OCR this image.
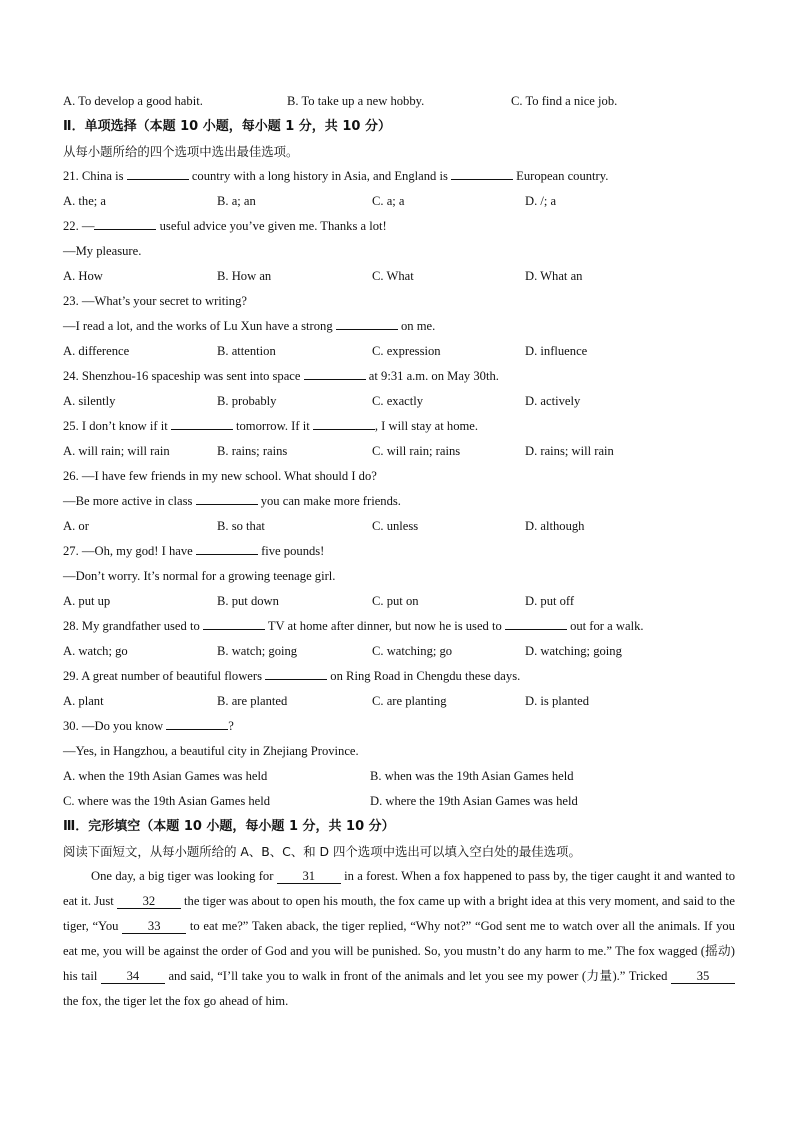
A. To develop a good habit.	B. To take up a new hobby.	C. To find a nice job.
Ⅱ．单项选择（本题 10 小题，每小题 1 分，共 10 分）
从每小题所给的四个选项中选出最佳选项。
21. China is	country with a long history in Asia, and England is	European country.
A. the; a	B. a; an	C. a; a	D. /; a
22. —	useful advice you’ve given me. Thanks a lot!
—My pleasure.
A. How	B. How an	C. What	D. What an
23. —What’s your secret to writing?
—I read a lot, and the works of Lu Xun have a strong	on me.
A. difference	B. attention	C. expression	D. influence
24. Shenzhou-16 spaceship was sent into space	at 9:31 a.m. on May 30th.
A. silently	B. probably	C. exactly	D. actively
25. I don’t know if it	tomorrow. If it	, I will stay at home.
A. will rain; will rain	B. rains; rains	C. will rain; rains	D. rains; will rain
26. —I have few friends in my new school. What should I do?
—Be more active in class	you can make more friends.
A. or	B. so that	C. unless	D. although
27. —Oh, my god! I have	five pounds!
—Don’t worry. It’s normal for a growing teenage girl.
A. put up	B. put down	C. put on	D. put off
28. My grandfather used to	TV at home after dinner, but now he is used to	out for a walk.
A. watch; go	B. watch; going	C. watching; go	D. watching; going
29. A great number of beautiful flowers	on Ring Road in Chengdu these days.
A. plant	B. are planted	C. are planting	D. is planted
30. —Do you know	?
—Yes, in Hangzhou, a beautiful city in Zhejiang Province.
A. when the 19th Asian Games was held	B. when was the 19th Asian Games held
C. where was the 19th Asian Games held	D. where the 19th Asian Games was held
Ⅲ．完形填空（本题 10 小题，每小题 1 分，共 10 分）
阅读下面短文，从每小题所给的 A、B、C、和 D 四个选项中选出可以填入空白处的最佳选项。

One day, a big tiger was looking for 31 in a forest. When a fox happened to pass by, the tiger caught it and wanted to eat it. Just 32 the tiger was about to open his mouth, the fox came up with a bright idea at this very moment, and said to the tiger, “You 33 to eat me?” Taken aback, the tiger replied, “Why not?” “God sent me to watch over all the animals. If you eat me, you will be against the order of God and you will be punished. So, you mustn’t do any harm to me.” The fox wagged (摇动) his tail 34 and said, “I’ll take you to walk in front of the animals and let you see my power (力量).” Tricked 35 the fox, the tiger let the fox go ahead of him.
